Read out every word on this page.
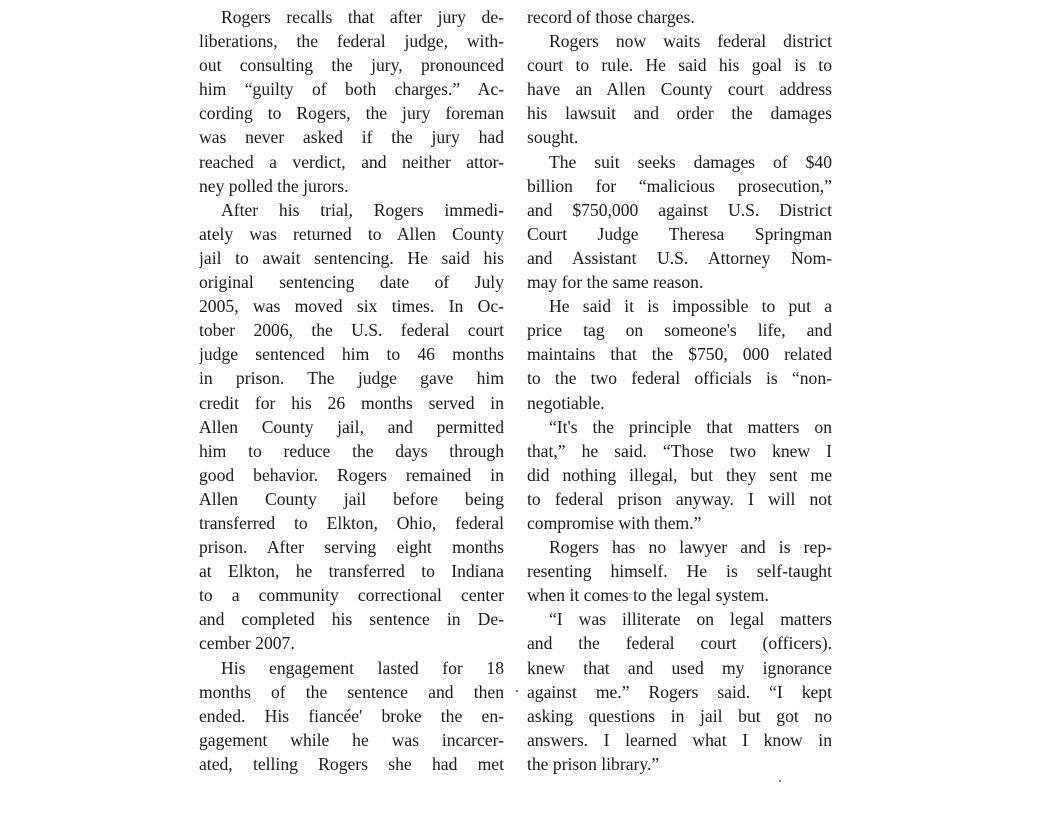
Rogers recalls that after jury de-
liberations, the federal judge, with-
out consulting the jury, pronounced
him “guilty of both charges.” Ac-
cording to Rogers, the jury foreman
was never asked if the jury had
reached a verdict, and neither attor-
ney polled the jurors.
After his trial, Rogers immedi-
ately was returned to Allen County
jail to await sentencing. He said his
original sentencing date of July
2005, was moved six times. In Oc-
tober 2006, the U.S. federal court
judge sentenced him to 46 months
in prison. The judge gave him
credit for his 26 months served in
Allen County jail, and permitted
him to reduce the days through
good behavior. Rogers remained in
Allen County jail before being
transferred to Elkton, Ohio, federal
prison. After serving eight months
at Elkton, he transferred to Indiana
to a community correctional center
and completed his sentence in De-
cember 2007.
His engagement lasted for 18
months of the sentence and then
ended. His fiancée' broke the en-
gagement while he was incarcer-
ated, telling Rogers she had met
record of those charges.
Rogers now waits federal district
court to rule. He said his goal is to
have an Allen County court address
his lawsuit and order the damages
sought.
The suit seeks damages of $40
billion for “malicious prosecution,”
and $750,000 against U.S. District
Court Judge Theresa Springman
and Assistant U.S. Attorney Nom-
may for the same reason.
He said it is impossible to put a
price tag on someone's life, and
maintains that the $750, 000 related
to the two federal officials is “non-
negotiable.
“It's the principle that matters on
that,” he said. “Those two knew I
did nothing illegal, but they sent me
to federal prison anyway. I will not
compromise with them.”
Rogers has no lawyer and is rep-
resenting himself. He is self-taught
when it comes to the legal system.
“I was illiterate on legal matters
and the federal court (officers).
knew that and used my ignorance
against me.” Rogers said. “I kept
asking questions in jail but got no
answers. I learned what I know in
the prison library.”
